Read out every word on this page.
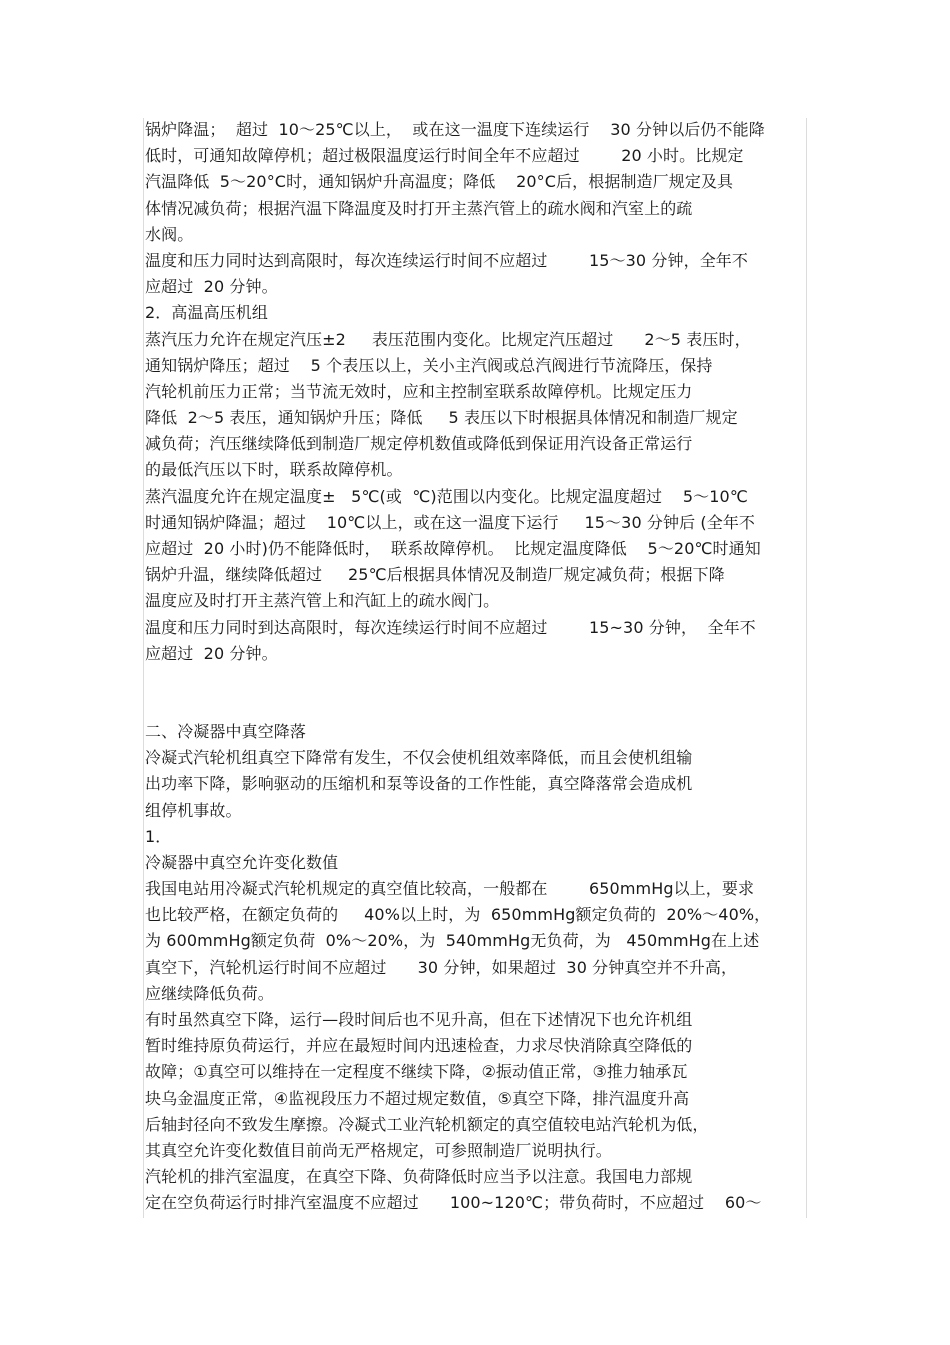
锅炉降温；  超过  10～25℃以上，  或在这一温度下连续运行    30 分钟以后仍不能降
低时，可通知故障停机；超过极限温度运行时间全年不应超过        20 小时。比规定
汽温降低  5～20°C时，通知锅炉升高温度；降低    20°C后，根据制造厂规定及具
体情况减负荷；根据汽温下降温度及时打开主蒸汽管上的疏水阀和汽室上的疏
水阀。
温度和压力同时达到高限时，每次连续运行时间不应超过        15～30 分钟，全年不
应超过  20 分钟。
2．高温高压机组
蒸汽压力允许在规定汽压±2     表压范围内变化。比规定汽压超过      2～5 表压时，
通知锅炉降压；超过    5 个表压以上，关小主汽阀或总汽阀进行节流降压，保持
汽轮机前压力正常；当节流无效时，应和主控制室联系故障停机。比规定压力
降低  2～5 表压，通知锅炉升压；降低     5 表压以下时根据具体情况和制造厂规定
减负荷；汽压继续降低到制造厂规定停机数值或降低到保证用汽设备正常运行
的最低汽压以下时，联系故障停机。
蒸汽温度允许在规定温度±   5℃(或  ℃)范围以内变化。比规定温度超过    5～10℃
时通知锅炉降温；超过    10℃以上，或在这一温度下运行     15～30 分钟后 (全年不
应超过  20 小时)仍不能降低时，  联系故障停机。  比规定温度降低    5～20℃时通知
锅炉升温，继续降低超过     25℃后根据具体情况及制造厂规定减负荷；根据下降
温度应及时打开主蒸汽管上和汽缸上的疏水阀门。
温度和压力同时到达高限时，每次连续运行时间不应超过        15~30 分钟，  全年不
应超过  20 分钟。
二、冷凝器中真空降落
冷凝式汽轮机组真空下降常有发生，不仅会使机组效率降低，而且会使机组输
出功率下降，影响驱动的压缩机和泵等设备的工作性能，真空降落常会造成机
组停机事故。
1．
冷凝器中真空允许变化数值
我国电站用冷凝式汽轮机规定的真空值比较高，一般都在        650mmHg以上，要求
也比较严格，在额定负荷的     40%以上时，为  650mmHg额定负荷的  20%～40%，
为 600mmHg额定负荷  0%～20%，为  540mmHg无负荷，为   450mmHg在上述
真空下，汽轮机运行时间不应超过      30 分钟，如果超过  30 分钟真空并不升高，
应继续降低负荷。
有时虽然真空下降，运行—段时间后也不见升高，但在下述情况下也允许机组
暂时维持原负荷运行，并应在最短时间内迅速检查，力求尽快消除真空降低的
故障；①真空可以维持在一定程度不继续下降，②振动值正常，③推力轴承瓦
块乌金温度正常，④监视段压力不超过规定数值，⑤真空下降，排汽温度升高
后轴封径向不致发生摩擦。冷凝式工业汽轮机额定的真空值较电站汽轮机为低，
其真空允许变化数值目前尚无严格规定，可参照制造厂说明执行。
汽轮机的排汽室温度，在真空下降、负荷降低时应当予以注意。我国电力部规
定在空负荷运行时排汽室温度不应超过      100~120℃；带负荷时，不应超过    60～
